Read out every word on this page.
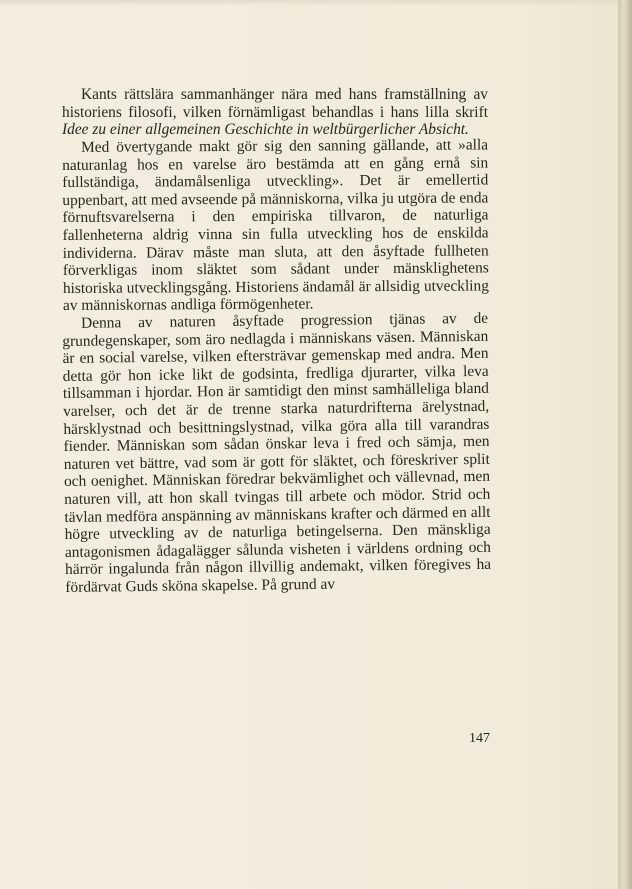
Kants rättslära sammanhänger nära med hans framställning av historiens filosofi, vilken förnämligast behandlas i hans lilla skrift Idee zu einer allgemeinen Geschichte in weltbürgerlicher Absicht.

Med övertygande makt gör sig den sanning gällande, att »alla naturanlag hos en varelse äro bestämda att en gång ernå sin fullständiga, ändamålsenliga utveckling». Det är emellertid uppenbart, att med avseende på människorna, vilka ju utgöra de enda förnuftsvarelserna i den empiriska tillvaron, de naturliga fallenheterna aldrig vinna sin fulla utveckling hos de enskilda individerna. Därav måste man sluta, att den åsyftade fullheten förverkligas inom släktet som sådant under mänsklighetens historiska utvecklingsgång. Historiens ändamål är allsidig utveckling av människornas andliga förmögenheter.

Denna av naturen åsyftade progression tjänas av de grundegenskaper, som äro nedlagda i människans väsen. Människan är en social varelse, vilken eftersträvar gemenskap med andra. Men detta gör hon icke likt de godsinta, fredliga djurarter, vilka leva tillsamman i hjordar. Hon är samtidigt den minst samhälleliga bland varelser, och det är de trenne starka naturdrifterna ärelystnad, härsklystnad och besittningslystnad, vilka göra alla till varandras fiender. Människan som sådan önskar leva i fred och sämja, men naturen vet bättre, vad som är gott för släktet, och föreskriver split och oenighet. Människan föredrar bekvämlighet och vällevnad, men naturen vill, att hon skall tvingas till arbete och mödor. Strid och tävlan medföra anspänning av människans krafter och därmed en allt högre utveckling av de naturliga betingelserna. Den mänskliga antagonismen ådagalägger sålunda visheten i världens ordning och härrör ingalunda från någon illvillig andemakt, vilken föregives ha fördärvat Guds sköna skapelse. På grund av

147
